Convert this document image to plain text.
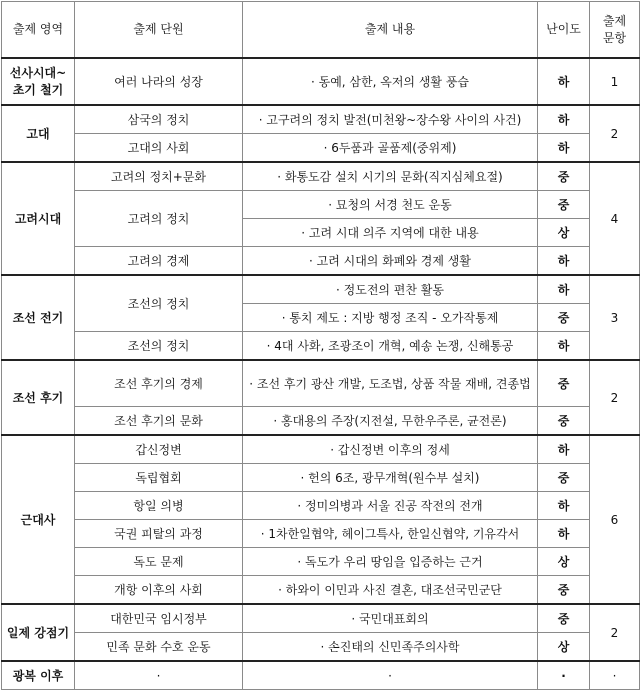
출제 영역	출제 단원	출제 내용	난이도	출제
문항
선사시대~
초기 철기	여러 나라의 성장	· 동예, 삼한, 옥저의 생활 풍습	하	1
고대	삼국의 정치	· 고구려의 정치 발전(미천왕~장수왕 사이의 사건)	하	2
	고대의 사회	· 6두품과 골품제(중위제)	하	
고려시대	고려의 정치+문화	· 화통도감 설치 시기의 문화(직지심체요절)	중	4
	고려의 정치	· 묘청의 서경 천도 운동	중	
		· 고려 시대 의주 지역에 대한 내용	상	
	고려의 경제	· 고려 시대의 화폐와 경제 생활	하	
조선 전기	조선의 정치	· 정도전의 편찬 활동	하	3
		· 통치 제도 : 지방 행정 조직 - 오가작통제	중	
	조선의 정치	· 4대 사화, 조광조이 개혁, 예송 논쟁, 신해통공	하	
조선 후기	조선 후기의 경제	· 조선 후기 광산 개발, 도조법, 상품 작물 재배, 견종법	중	2
	조선 후기의 문화	· 홍대용의 주장(지전설, 무한우주론, 균전론)	중	
근대사	갑신정변	· 갑신정변 이후의 정세	하	6
	독립협회	· 헌의 6조, 광무개혁(원수부 설치)	중	
	항일 의병	· 정미의병과 서울 진공 작전의 전개	하	
	국권 피탈의 과정	· 1차한일협약, 헤이그특사, 한일신협약, 기유각서	하	
	독도 문제	· 독도가 우리 땅임을 입증하는 근거	상	
	개항 이후의 사회	· 하와이 이민과 사진 결혼, 대조선국민군단	중	
일제 강점기	대한민국 임시정부	· 국민대표회의	중	2
	민족 문화 수호 운동	· 손진태의 신민족주의사학	상	
광복 이후	·	·	·	·
